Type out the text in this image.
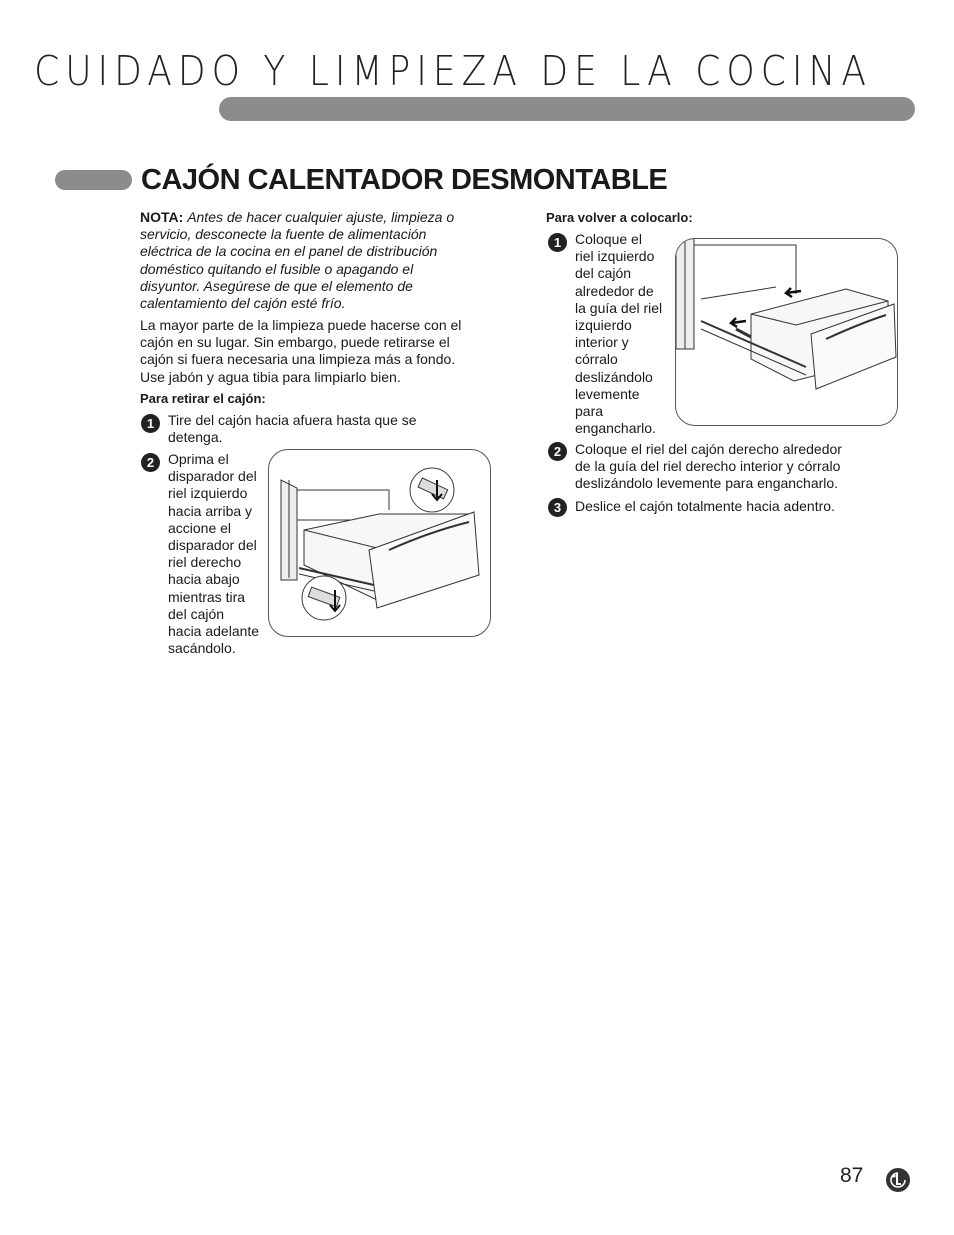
CUIDADO Y LIMPIEZA DE LA COCINA
CAJÓN CALENTADOR DESMONTABLE
NOTA: Antes de hacer cualquier ajuste, limpieza o
servicio, desconecte la fuente de alimentación
eléctrica de la cocina en el panel de distribución
doméstico quitando el fusible o apagando el
disyuntor. Asegúrese de que el elemento de
calentamiento del cajón esté frío.
La mayor parte de la limpieza puede hacerse con el
cajón en su lugar. Sin embargo, puede retirarse el
cajón si fuera necesaria una limpieza más a fondo.
Use jabón y agua tibia para limpiarlo bien.
Para retirar el cajón:
1 Tire del cajón hacia afuera hasta que se
detenga.
2 Oprima el
disparador del
riel izquierdo
hacia arriba y
accione el
disparador del
riel derecho
hacia abajo
mientras tira
del cajón
hacia adelante
sacándolo.
Para volver a colocarlo:
1 Coloque el
riel izquierdo
del cajón
alrededor de
la guía del riel
izquierdo
interior y
córralo
deslizándolo
levemente
para
engancharlo.
2 Coloque el riel del cajón derecho alrededor
de la guía del riel derecho interior y córralo
deslizándolo levemente para engancharlo.
3 Deslice el cajón totalmente hacia adentro.
87
